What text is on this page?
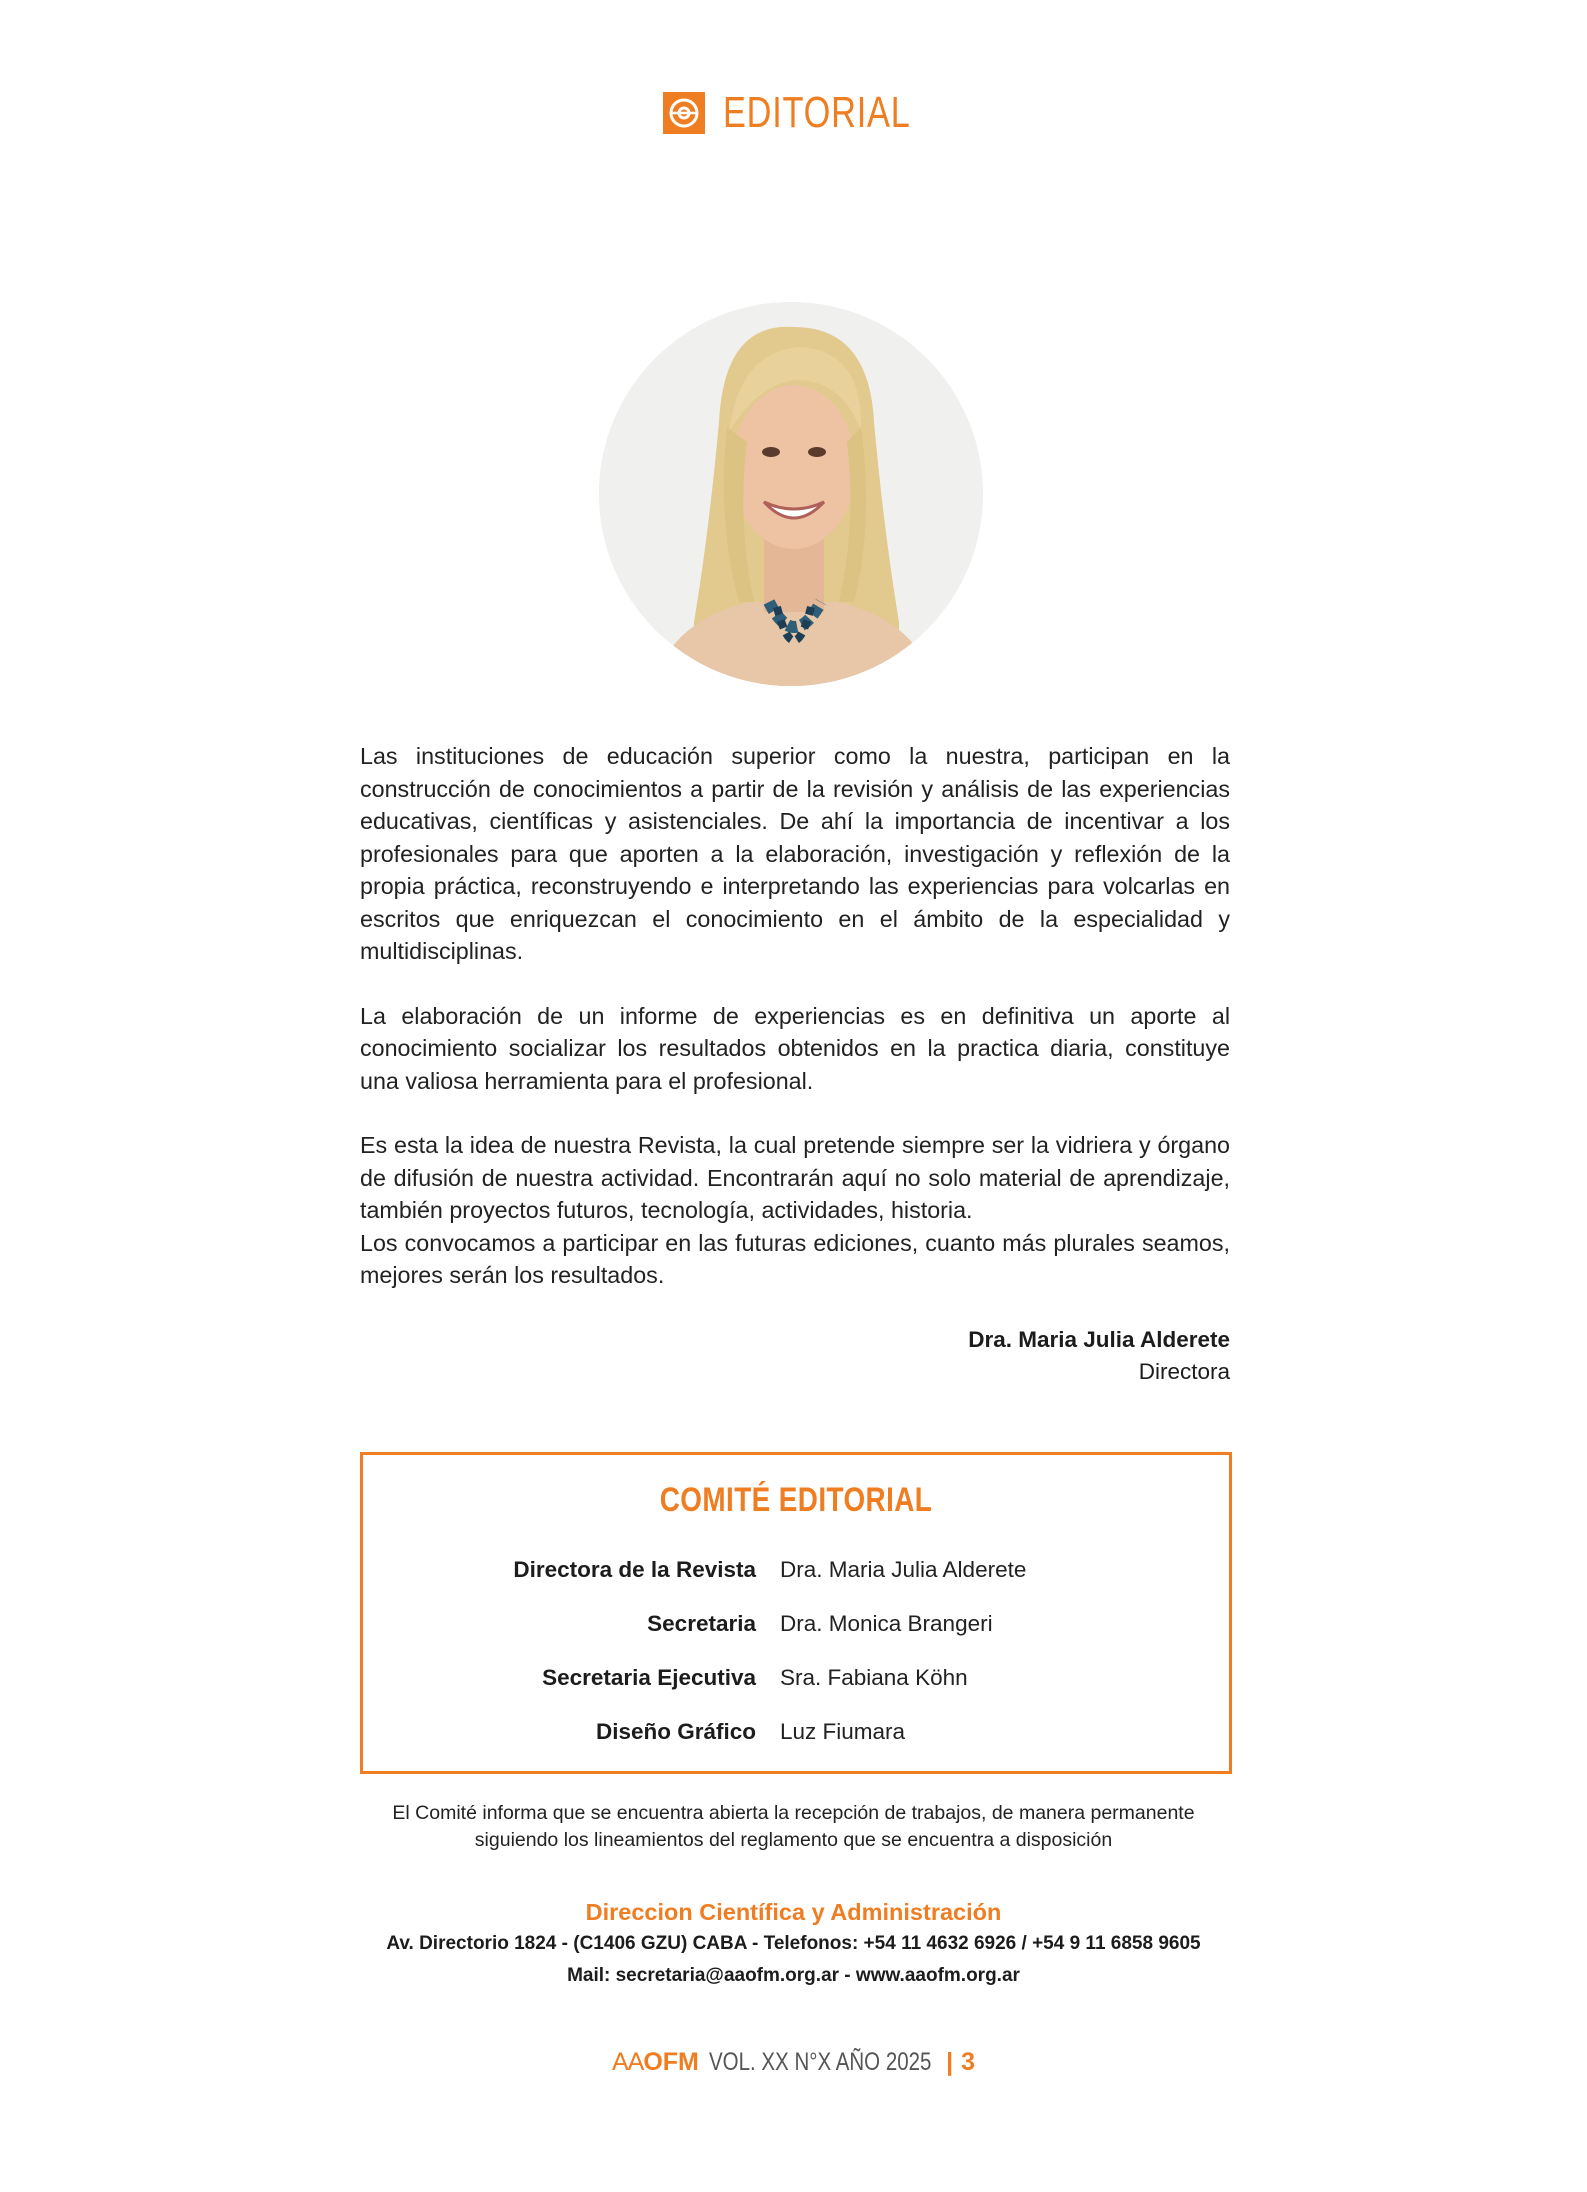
EDITORIAL

Las instituciones de educación superior como la nuestra, participan en la construcción de conocimientos a partir de la revisión y análisis de las experiencias educativas, científicas y asistenciales. De ahí la importancia de incentivar a los profesionales para que aporten a la elaboración, investigación y reflexión de la propia práctica, reconstruyendo e interpretando las experiencias para volcarlas en escritos que enriquezcan el conocimiento en el ámbito de la especialidad y multidisciplinas.

La elaboración de un informe de experiencias es en definitiva un aporte al conocimiento socializar los resultados obtenidos en la practica diaria, constituye una valiosa herramienta para el profesional.

Es esta la idea de nuestra Revista, la cual pretende siempre ser la vidriera y órgano de difusión de nuestra actividad. Encontrarán aquí no solo material de aprendizaje, también proyectos futuros, tecnología, actividades, historia.

Los convocamos a participar en las futuras ediciones, cuanto más plurales seamos, mejores serán los resultados.

Dra. Maria Julia Alderete
Directora
COMITÉ EDITORIAL
Directora de la Revista Dra. Maria Julia Alderete
Secretaria Dra. Monica Brangeri
Secretaria Ejecutiva Sra. Fabiana Köhn
Diseño Gráfico Luz Fiumara
El Comité informa que se encuentra abierta la recepción de trabajos, de manera permanente
siguiendo los lineamientos del reglamento que se encuentra a disposición
Direccion Científica y Administración
Av. Directorio 1824 - (C1406 GZU) CABA - Telefonos: +54 11 4632 6926 / +54 9 11 6858 9605
Mail: secretaria@aaofm.org.ar - www.aaofm.org.ar
AA OFM VOL. XX N°X AÑO 2025 | 3
